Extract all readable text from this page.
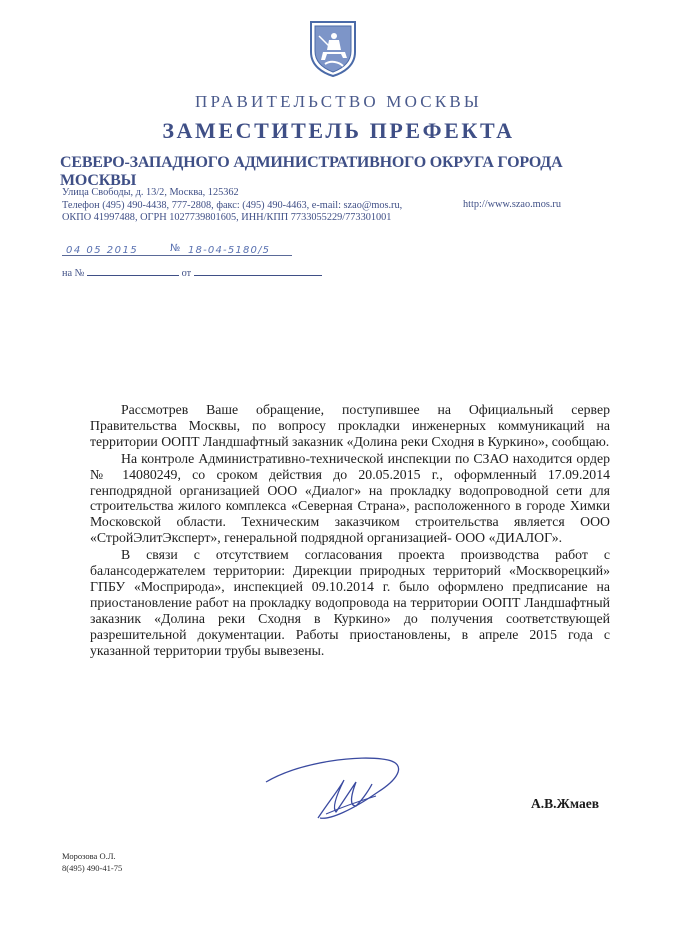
ПРАВИТЕЛЬСТВО МОСКВЫ
ЗАМЕСТИТЕЛЬ ПРЕФЕКТА
СЕВЕРО-ЗАПАДНОГО АДМИНИСТРАТИВНОГО ОКРУГА ГОРОДА МОСКВЫ
Улица Свободы, д. 13/2, Москва, 125362
Телефон (495) 490-4438, 777-2808, факс: (495) 490-4463, e-mail: szao@mos.ru,
ОКПО 41997488, ОГРН 1027739801605, ИНН/КПП 7733055229/773301001
http://www.szao.mos.ru
04 05 2015	№ 18-04-5180/5
на №	от

Рассмотрев Ваше обращение, поступившее на Официальный сервер Правительства Москвы, по вопросу прокладки инженерных коммуникаций на территории ООПТ Ландшафтный заказник «Долина реки Сходня в Куркино», сообщаю.

На контроле Административно-технической инспекции по СЗАО находится ордер № 14080249, со сроком действия до 20.05.2015 г., оформленный 17.09.2014 генподрядной организацией ООО «Диалог» на прокладку водопроводной сети для строительства жилого комплекса «Северная Страна», расположенного в городе Химки Московской области. Техническим заказчиком строительства является ООО «СтройЭлитЭксперт», генеральной подрядной организацией- ООО «ДИАЛОГ».

В связи с отсутствием согласования проекта производства работ с балансодержателем территории: Дирекции природных территорий «Москворецкий» ГПБУ «Мосприрода», инспекцией 09.10.2014 г. было оформлено предписание на приостановление работ на прокладку водопровода на территории ООПТ Ландшафтный заказник «Долина реки Сходня в Куркино» до получения соответствующей разрешительной документации. Работы приостановлены, в апреле 2015 года с указанной территории трубы вывезены.

А.В.Жмаев
Морозова О.Л.
8(495) 490-41-75
